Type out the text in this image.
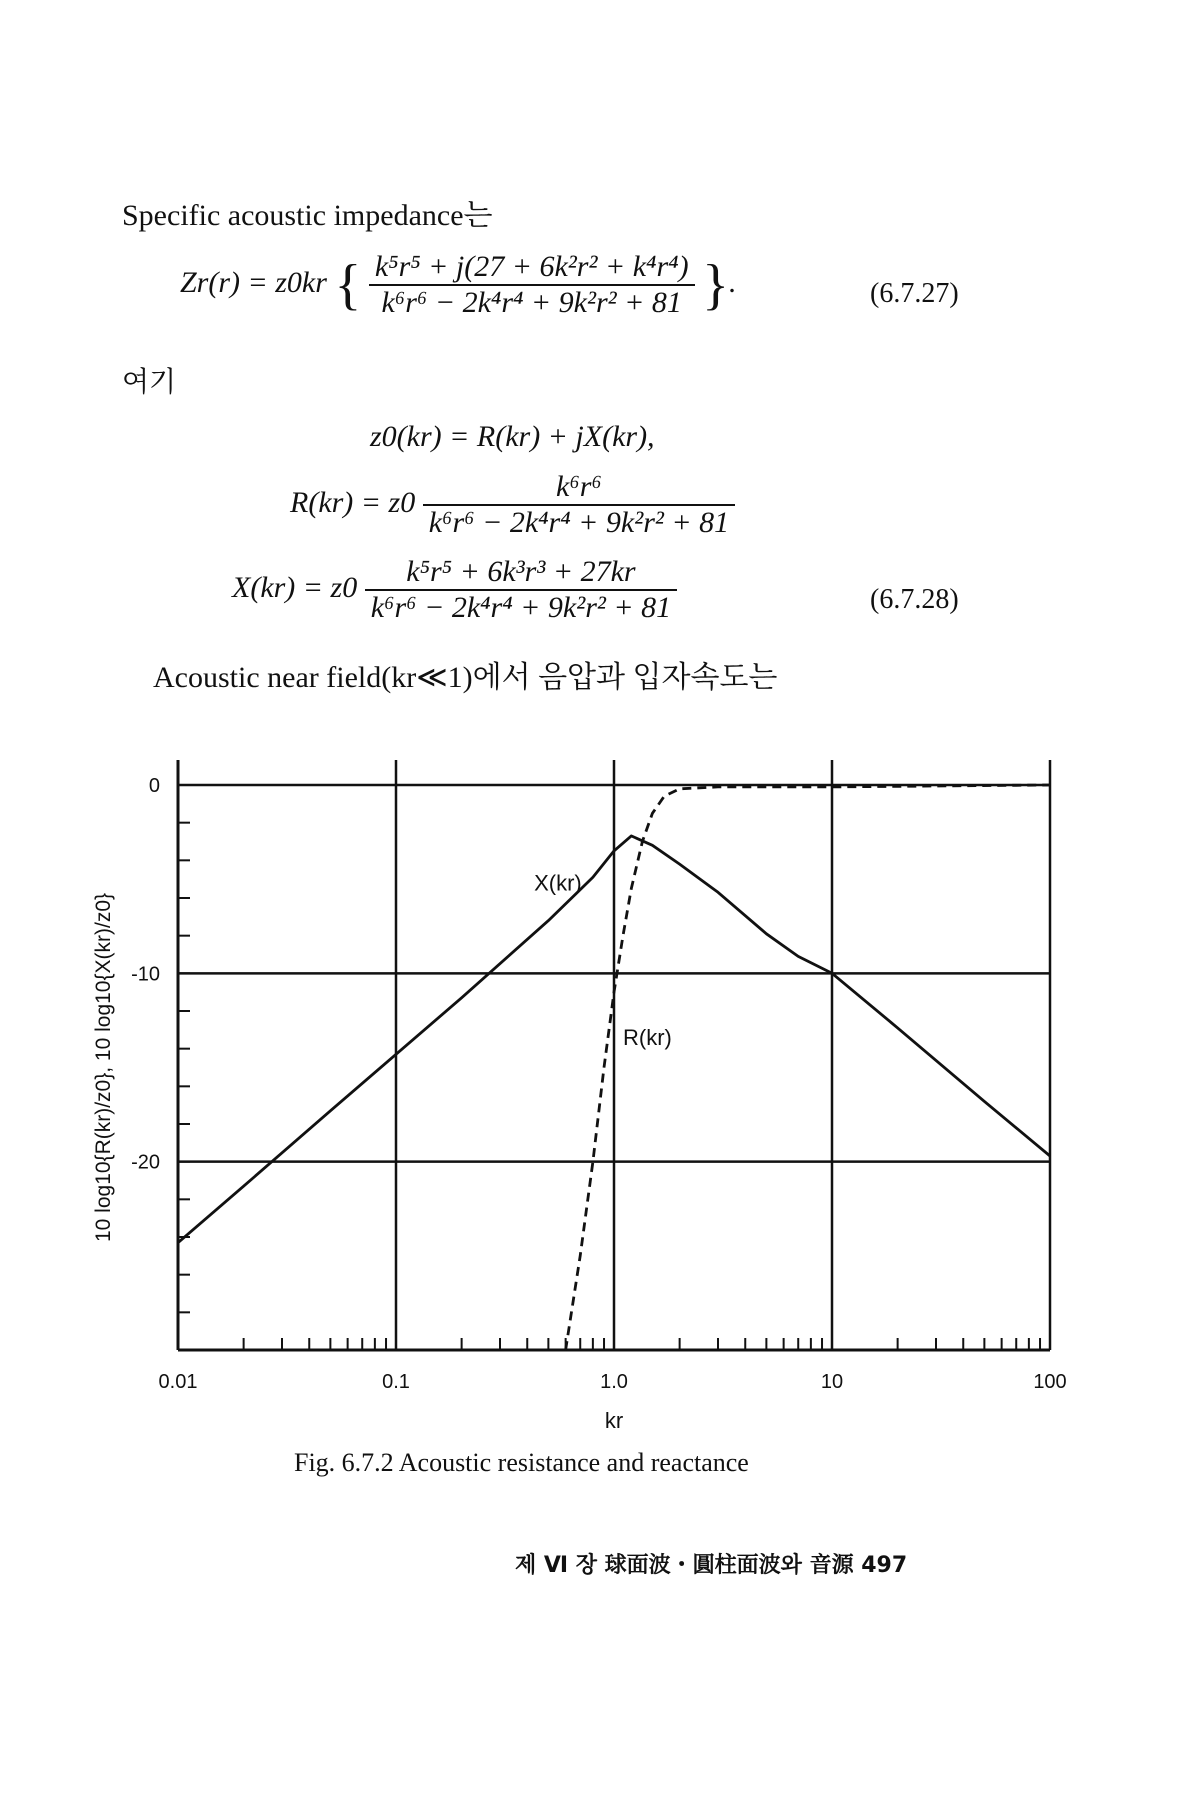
Specific acoustic impedance는
Zr(r) = z0kr { $\frac{\text{k⁵r⁵ + j(27 + 6k²r² + k⁴r⁴)}}{\text{k⁶r⁶ − 2k⁴r⁴ + 9k²r² + 81}}$ }.	(6.7.27)
여기
z0(kr) = R(kr) + jX(kr),
$R(kr) = z0 \frac{\text{k⁶r⁶}}{\text{k⁶r⁶ − 2k⁴r⁴ + 9k²r² + 81}}$
$X(kr) = z0 \frac{\text{k⁵r⁵ + 6k³r³ + 27kr}}{\text{k⁶r⁶ − 2k⁴r⁴ + 9k²r² + 81}}$	(6.7.28)
Acoustic near field(kr≪1)에서 음압과 입자속도는
0.01	0.1	1.0	10	100
0
-10
-20
X(kr)
R(kr)
kr
10 log10{R(kr)/z0}, 10 log10{X(kr)/z0}
Fig. 6.7.2 Acoustic resistance and reactance
제 Ⅵ 장 球面波・圓柱面波와 音源 497
